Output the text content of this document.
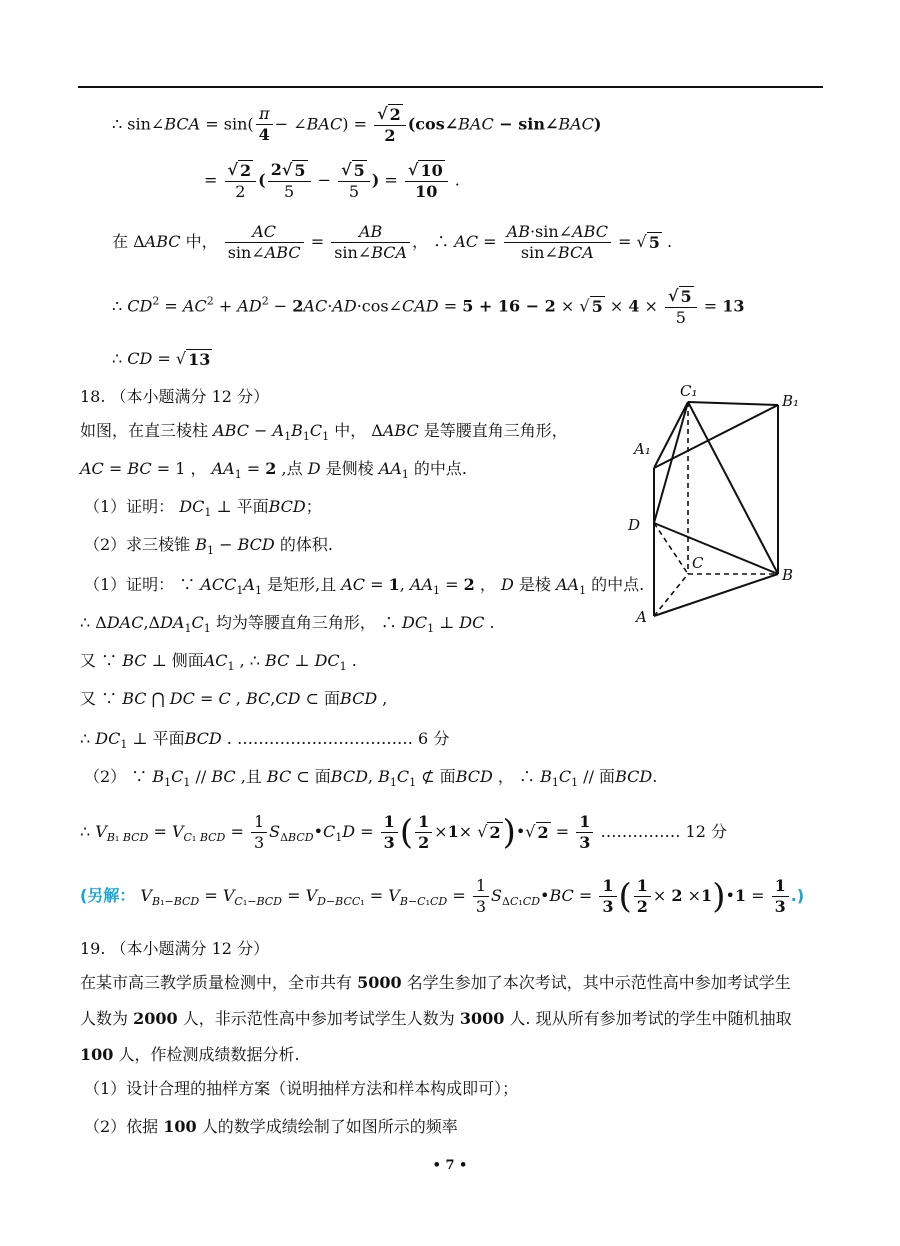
∴ sin∠BCA = $\sin( \frac{\pi}{4}$ − ∠BAC) = $\frac{√ 2}{2}$ (cos∠BAC − sin∠BAC)
= $\frac{√ 2}{2}$ ( $\frac{2√ 5}{5} - \frac{√ 5}{5}$ ) = $\frac{√ 10}{10}$ .
在 ΔABC 中， $\frac{AC}{\text{sin∠ABC}} = \frac{AB}{\text{sin∠BCA}}$ ， ∴ AC = $\frac{\text{AB·sin∠ABC}}{\text{sin∠BCA}}$ = √ 5 .
∴ $CD^2 = AC^2 + AD^2$ − 2AC·AD·cos∠CAD = 5 + 16 − 2 × √ $5 \times 4 \times \frac{√ 5}{5} = 13$
∴ CD = √ 13
18. （本小题满分 12 分）
如图，在直三棱柱 ABC − $A_1B_1C_1$ 中， ΔABC 是等腰直角三角形，
AC = BC = 1 ， $AA_1 = 2$ ,点 D 是侧棱 $AA_1$ 的中点.
（1）证明： $DC_1$ ⊥ 平面BCD；
（2）求三棱锥 $B_1$ − BCD 的体积.
（1）证明： ∵ $ACC_1A_1$ 是矩形,且 AC = 1, $AA_1 = 2$ ， D 是棱 $AA_1$ 的中点.
∴ $\Delta DAC,\Delta DA_1C_1$ 均为等腰直角三角形， ∴ $DC_1$ ⊥ DC .
又 ∵ BC ⊥ 侧面$AC_1$ , ∴ BC ⊥ $DC_1$ .
又 ∵ BC ⋂ DC = C , BC,CD ⊂ 面BCD ,
∴ $DC_1$ ⊥ 平面BCD . …………………………… 6 分
（2） ∵ $B_1C_1$ // BC ,且 BC ⊂ 面BCD, $B_1C_1$ ⊄ 面BCD ， ∴ $B_1C_1$ // 面BCD.
∴ $V_{B_1 BCD} = V_{C_1 BCD} = \frac{1}{3}$ $S_{\Delta BCD}•C_1D = \frac{1}{3}$ ( $\frac{1}{2} \times 1\times$ √ 2)•√ $2 = \frac{1}{3}$ …………… 12 分
(另解： $V_{B_1-BCD} = V_{C_1-BCD} = V_{D-BCC_1} = V_{B-C_1CD} = \frac{1}{3}$ $S_{\Delta C_1CD}•BC = \frac{1}{3}$ ( $\frac{1}{2} \times 2$ ×1)•1 = $\frac{1}{3}$ .)
19. （本小题满分 12 分）
在某市高三教学质量检测中，全市共有 5000 名学生参加了本次考试，其中示范性高中参加考试学生
人数为 2000 人，非示范性高中参加考试学生人数为 3000 人. 现从所有参加考试的学生中随机抽取
100 人，作检测成绩数据分析.
（1）设计合理的抽样方案（说明抽样方法和样本构成即可）；
（2）依据 100 人的数学成绩绘制了如图所示的频率
C₁
B₁
A₁
D
C
B
A
• 7 •
